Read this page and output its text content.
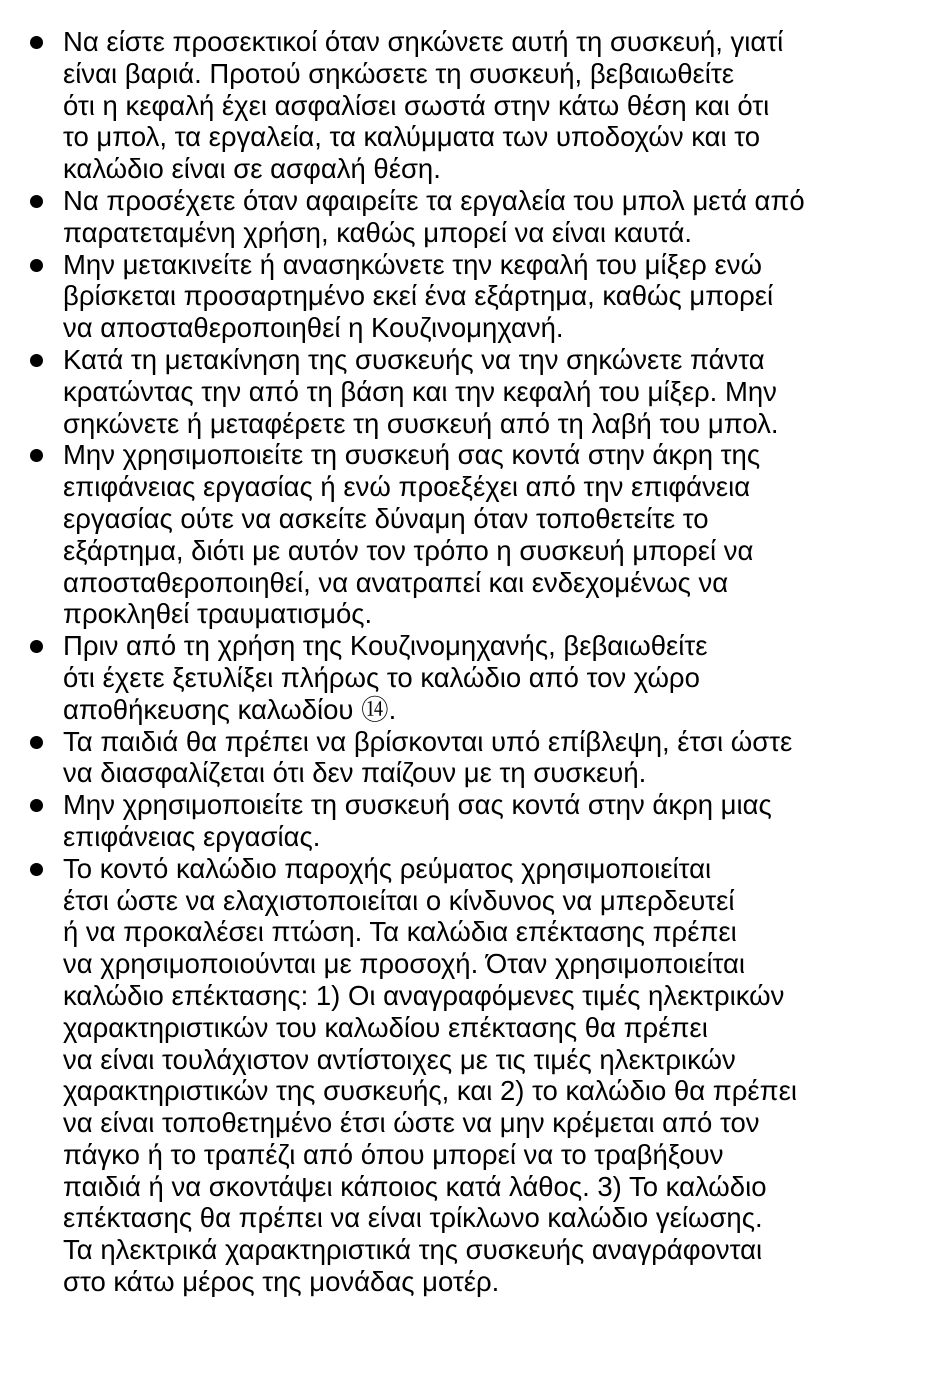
Να είστε προσεκτικοί όταν σηκώνετε αυτή τη συσκευή, γιατί
είναι βαριά. Προτού σηκώσετε τη συσκευή, βεβαιωθείτε
ότι η κεφαλή έχει ασφαλίσει σωστά στην κάτω θέση και ότι
το μπολ, τα εργαλεία, τα καλύμματα των υποδοχών και το
καλώδιο είναι σε ασφαλή θέση.
Να προσέχετε όταν αφαιρείτε τα εργαλεία του μπολ μετά από
παρατεταμένη χρήση, καθώς μπορεί να είναι καυτά.
Μην μετακινείτε ή ανασηκώνετε την κεφαλή του μίξερ ενώ
βρίσκεται προσαρτημένο εκεί ένα εξάρτημα, καθώς μπορεί
να αποσταθεροποιηθεί η Κουζινομηχανή.
Κατά τη μετακίνηση της συσκευής να την σηκώνετε πάντα
κρατώντας την από τη βάση και την κεφαλή του μίξερ. Μην
σηκώνετε ή μεταφέρετε τη συσκευή από τη λαβή του μπολ.
Μην χρησιμοποιείτε τη συσκευή σας κοντά στην άκρη της
επιφάνειας εργασίας ή ενώ προεξέχει από την επιφάνεια
εργασίας ούτε να ασκείτε δύναμη όταν τοποθετείτε το
εξάρτημα, διότι με αυτόν τον τρόπο η συσκευή μπορεί να
αποσταθεροποιηθεί, να ανατραπεί και ενδεχομένως να
προκληθεί τραυματισμός.
Πριν από τη χρήση της Κουζινομηχανής, βεβαιωθείτε
ότι έχετε ξετυλίξει πλήρως το καλώδιο από τον χώρο
αποθήκευσης καλωδίου ⑭.
Τα παιδιά θα πρέπει να βρίσκονται υπό επίβλεψη, έτσι ώστε
να διασφαλίζεται ότι δεν παίζουν με τη συσκευή.
Μην χρησιμοποιείτε τη συσκευή σας κοντά στην άκρη μιας
επιφάνειας εργασίας.
Το κοντό καλώδιο παροχής ρεύματος χρησιμοποιείται
έτσι ώστε να ελαχιστοποιείται ο κίνδυνος να μπερδευτεί
ή να προκαλέσει πτώση. Τα καλώδια επέκτασης πρέπει
να χρησιμοποιούνται με προσοχή. Όταν χρησιμοποιείται
καλώδιο επέκτασης: 1) Οι αναγραφόμενες τιμές ηλεκτρικών
χαρακτηριστικών του καλωδίου επέκτασης θα πρέπει
να είναι τουλάχιστον αντίστοιχες με τις τιμές ηλεκτρικών
χαρακτηριστικών της συσκευής, και 2) το καλώδιο θα πρέπει
να είναι τοποθετημένο έτσι ώστε να μην κρέμεται από τον
πάγκο ή το τραπέζι από όπου μπορεί να το τραβήξουν
παιδιά ή να σκοντάψει κάποιος κατά λάθος. 3) Το καλώδιο
επέκτασης θα πρέπει να είναι τρίκλωνο καλώδιο γείωσης.
Τα ηλεκτρικά χαρακτηριστικά της συσκευής αναγράφονται
στο κάτω μέρος της μονάδας μοτέρ.
